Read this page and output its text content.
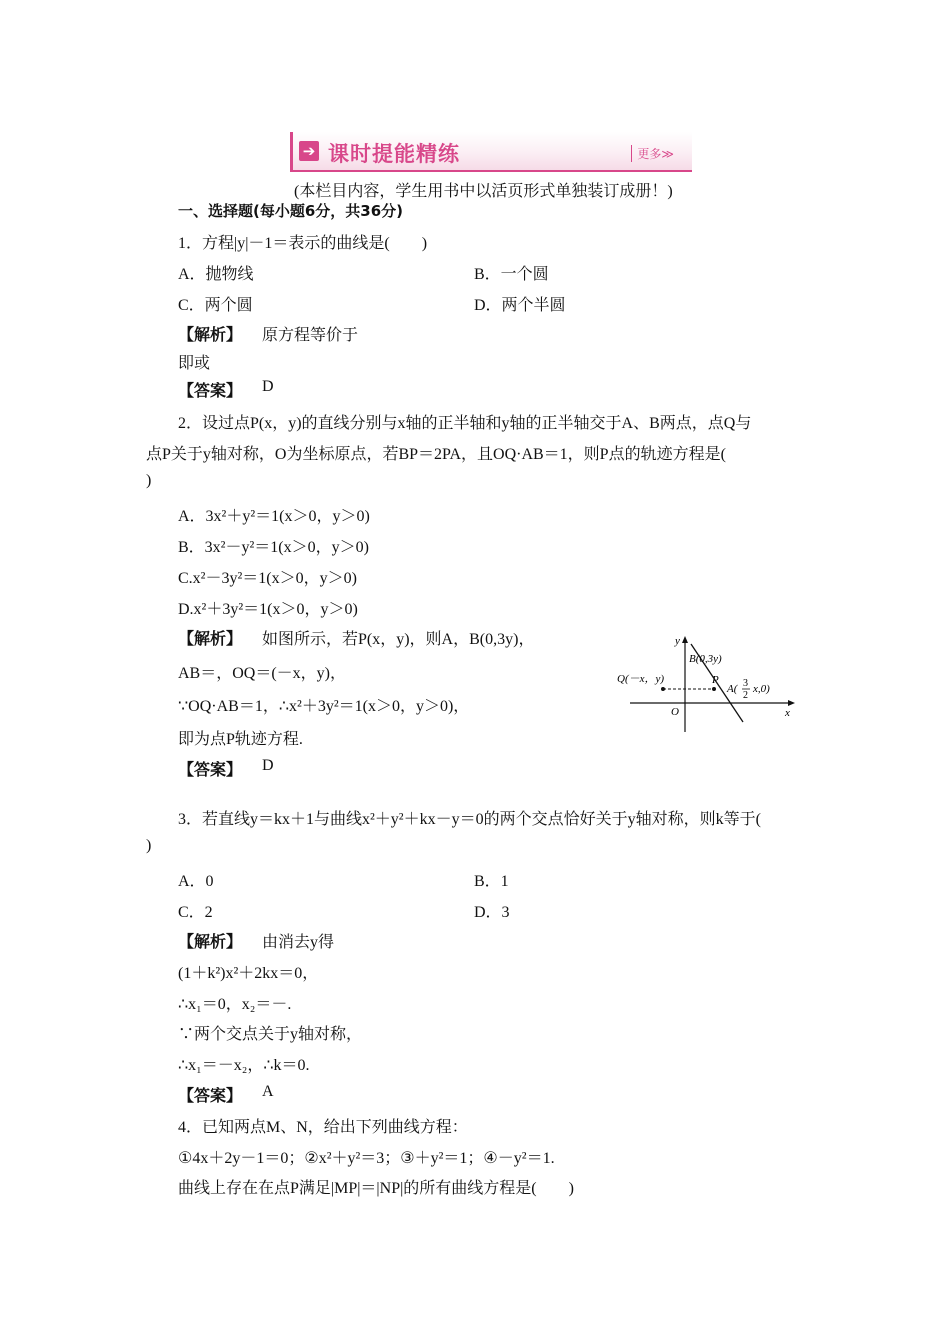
➔ 课时提能精练	更多≫
(本栏目内容，学生用书中以活页形式单独装订成册！)
一、选择题(每小题6分，共36分)
1．方程|y|－1＝表示的曲线是(　　)
A．抛物线	B．一个圆
C．两个圆	D．两个半圆
【解析】 原方程等价于
即或
【答案】 D
2．设过点P(x，y)的直线分别与x轴的正半轴和y轴的正半轴交于A、B两点，点Q与
点P关于y轴对称，O为坐标原点，若BP＝2PA，且OQ·AB＝1，则P点的轨迹方程是(
)
A．3x²＋y²＝1(x＞0，y＞0)
B．3x²－y²＝1(x＞0，y＞0)
C.x²－3y²＝1(x＞0，y＞0)
D.x²＋3y²＝1(x＞0，y＞0)
【解析】 如图所示，若P(x，y)，则A，B(0,3y)，
AB＝，OQ＝(－x，y)，
∵OQ·AB＝1，∴x²＋3y²＝1(x＞0，y＞0)，
即为点P轨迹方程.
【答案】 D
y
x
O
B(0,3y)
P
Q(－x，y)
A( 3
2
x,0)
3．若直线y＝kx＋1与曲线x²＋y²＋kx－y＝0的两个交点恰好关于y轴对称，则k等于(
)
A．0	B．1
C．2	D．3
【解析】 由消去y得
(1＋k²)x²＋2kx＝0，
∴x₁＝0，x₂＝－.
∵两个交点关于y轴对称，
∴x₁＝－x₂，∴k＝0.
【答案】 A
4．已知两点M、N，给出下列曲线方程：
①4x＋2y－1＝0；②x²＋y²＝3；③＋y²＝1；④－y²＝1.
曲线上存在在点P满足|MP|＝|NP|的所有曲线方程是(　　)
